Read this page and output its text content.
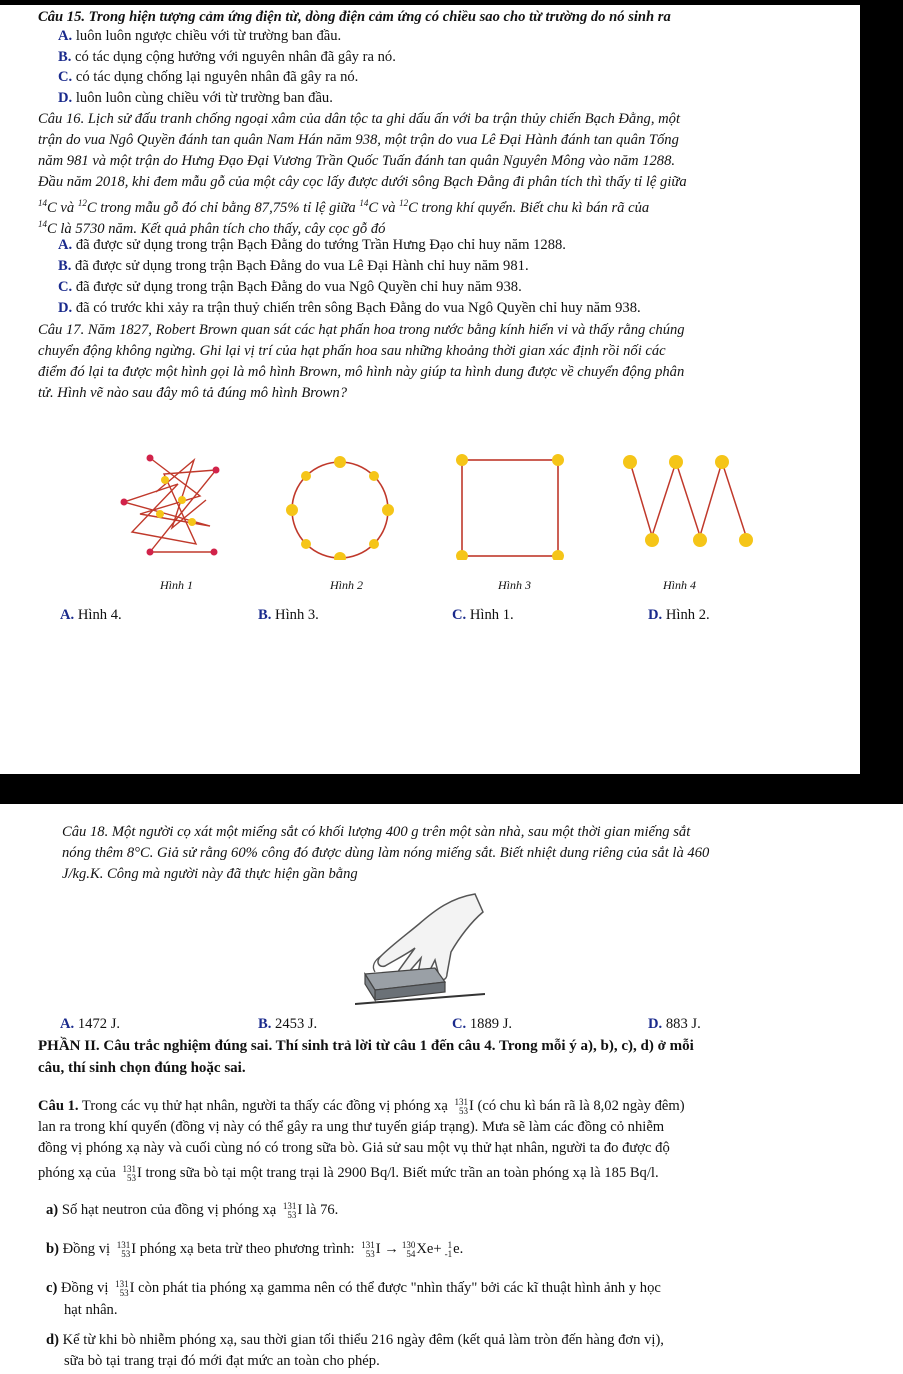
Câu 15. Trong hiện tượng cảm ứng điện từ, dòng điện cảm ứng có chiều sao cho từ trường do nó sinh ra
A. luôn luôn ngược chiều với từ trường ban đầu.
B. có tác dụng cộng hưởng với nguyên nhân đã gây ra nó.
C. có tác dụng chống lại nguyên nhân đã gây ra nó.
D. luôn luôn cùng chiều với từ trường ban đầu.
Câu 16. Lịch sử đấu tranh chống ngoại xâm của dân tộc ta ghi dấu ấn với ba trận thủy chiến Bạch Đằng, một
trận do vua Ngô Quyền đánh tan quân Nam Hán năm 938, một trận do vua Lê Đại Hành đánh tan quân Tống
năm 981 và một trận do Hưng Đạo Đại Vương Trần Quốc Tuấn đánh tan quân Nguyên Mông vào năm 1288.
Đầu năm 2018, khi đem mẫu gỗ của một cây cọc lấy được dưới sông Bạch Đằng đi phân tích thì thấy tỉ lệ giữa
$^{14}$C và $^{12}$C trong mẫu gỗ đó chỉ bằng 87,75% tỉ lệ giữa $^{14}$C và $^{12}$C trong khí quyển. Biết chu kì bán rã của
$^{14}$C là 5730 năm. Kết quả phân tích cho thấy, cây cọc gỗ đó
A. đã được sử dụng trong trận Bạch Đằng do tướng Trần Hưng Đạo chỉ huy năm 1288.
B. đã được sử dụng trong trận Bạch Đằng do vua Lê Đại Hành chỉ huy năm 981.
C. đã được sử dụng trong trận Bạch Đằng do vua Ngô Quyền chỉ huy năm 938.
D. đã có trước khi xảy ra trận thuỷ chiến trên sông Bạch Đằng do vua Ngô Quyền chỉ huy năm 938.
Câu 17. Năm 1827, Robert Brown quan sát các hạt phấn hoa trong nước bằng kính hiển vi và thấy rằng chúng
chuyển động không ngừng. Ghi lại vị trí của hạt phấn hoa sau những khoảng thời gian xác định rồi nối các
điểm đó lại ta được một hình gọi là mô hình Brown, mô hình này giúp ta hình dung được về chuyển động phân
tử. Hình vẽ nào sau đây mô tả đúng mô hình Brown?
Hình 1	Hình 2	Hình 3	Hình 4
A. Hình 4.	B. Hình 3.	C. Hình 1.	D. Hình 2.
Câu 18. Một người cọ xát một miếng sắt có khối lượng 400 g trên một sàn nhà, sau một thời gian miếng sắt
nóng thêm 8°C. Giả sử rằng 60% công đó được dùng làm nóng miếng sắt. Biết nhiệt dung riêng của sắt là 460
J/kg.K. Công mà người này đã thực hiện gần bằng
A. 1472 J.	B. 2453 J.	C. 1889 J.	D. 883 J.
PHẦN II. Câu trắc nghiệm đúng sai. Thí sinh trả lời từ câu 1 đến câu 4. Trong mỗi ý a), b), c), d) ở mỗi
câu, thí sinh chọn đúng hoặc sai.
Câu 1. Trong các vụ thử hạt nhân, người ta thấy các đồng vị phóng xạ 131
53 I (có chu kì bán rã là 8,02 ngày đêm)
lan ra trong khí quyển (đồng vị này có thể gây ra ung thư tuyến giáp trạng). Mưa sẽ làm các đồng cỏ nhiễm
đồng vị phóng xạ này và cuối cùng nó có trong sữa bò. Giả sử sau một vụ thử hạt nhân, người ta đo được độ
phóng xạ của 131
53 I trong sữa bò tại một trang trại là 2900 Bq/l. Biết mức trần an toàn phóng xạ là 185 Bq/l.
a) Số hạt neutron của đồng vị phóng xạ 131
53 I là 76.
b) Đồng vị 131
53 I phóng xạ beta trừ theo phương trình: 131
53 I → 130
54 Xe+ 1
-1 e.
c) Đồng vị 131
53 I còn phát tia phóng xạ gamma nên có thể được "nhìn thấy" bởi các kĩ thuật hình ảnh y học
hạt nhân.
d) Kể từ khi bò nhiễm phóng xạ, sau thời gian tối thiểu 216 ngày đêm (kết quả làm tròn đến hàng đơn vị),
sữa bò tại trang trại đó mới đạt mức an toàn cho phép.
